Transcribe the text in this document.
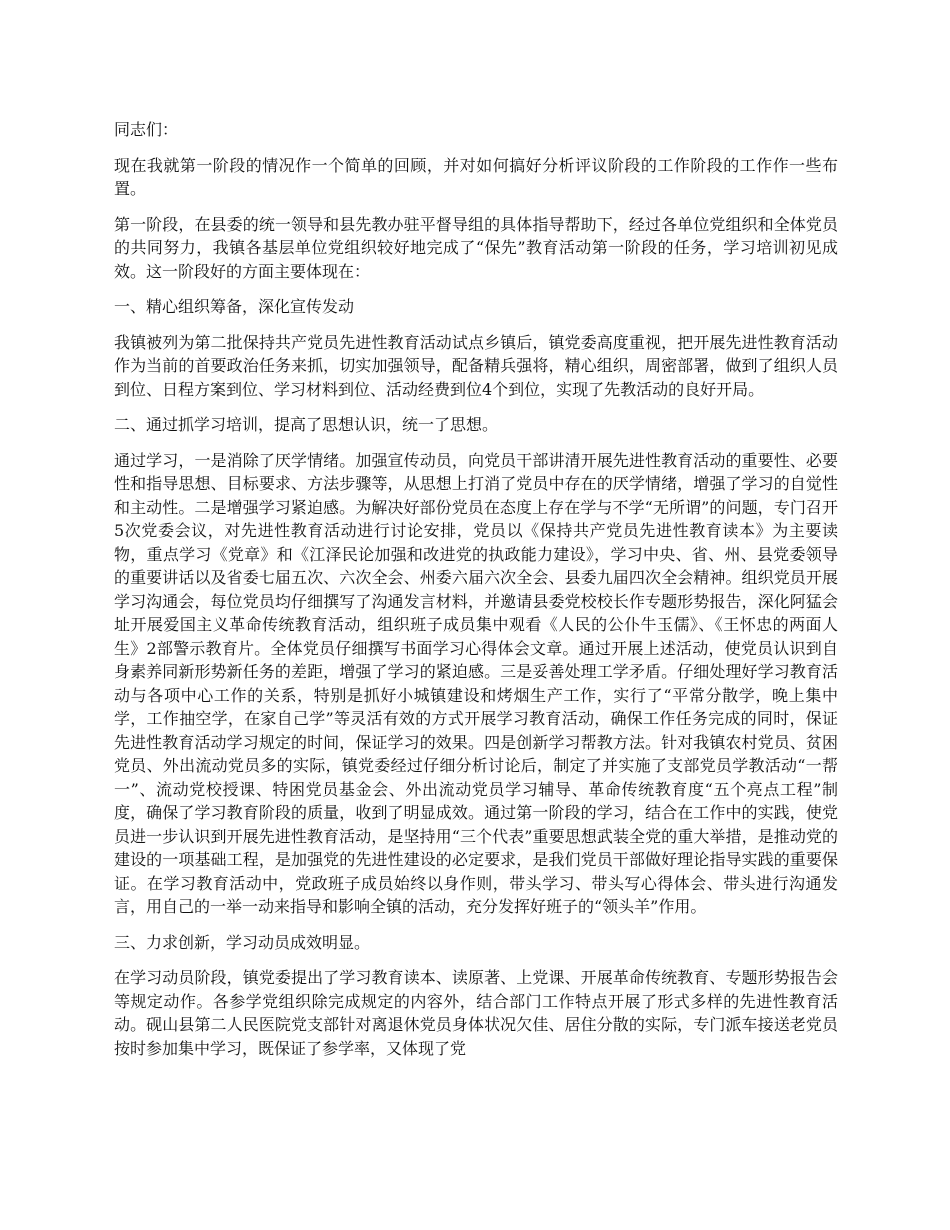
同志们：

现在我就第一阶段的情况作一个简单的回顾，并对如何搞好分析评议阶段的工作阶段的工作作一些布置。

第一阶段，在县委的统一领导和县先教办驻平督导组的具体指导帮助下，经过各单位党组织和全体党员的共同努力，我镇各基层单位党组织较好地完成了“保先”教育活动第一阶段的任务，学习培训初见成效。这一阶段好的方面主要体现在：

一、精心组织筹备，深化宣传发动

我镇被列为第二批保持共产党员先进性教育活动试点乡镇后，镇党委高度重视，把开展先进性教育活动作为当前的首要政治任务来抓，切实加强领导，配备精兵强将，精心组织，周密部署，做到了组织人员到位、日程方案到位、学习材料到位、活动经费到位4个到位，实现了先教活动的良好开局。

二、通过抓学习培训，提高了思想认识，统一了思想。

通过学习，一是消除了厌学情绪。加强宣传动员，向党员干部讲清开展先进性教育活动的重要性、必要性和指导思想、目标要求、方法步骤等，从思想上打消了党员中存在的厌学情绪，增强了学习的自觉性和主动性。二是增强学习紧迫感。为解决好部份党员在态度上存在学与不学“无所谓”的问题，专门召开5次党委会议，对先进性教育活动进行讨论安排，党员以《保持共产党员先进性教育读本》为主要读物，重点学习《党章》和《江泽民论加强和改进党的执政能力建设》，学习中央、省、州、县党委领导的重要讲话以及省委七届五次、六次全会、州委六届六次全会、县委九届四次全会精神。组织党员开展学习沟通会，每位党员均仔细撰写了沟通发言材料，并邀请县委党校校长作专题形势报告，深化阿猛会址开展爱国主义革命传统教育活动，组织班子成员集中观看《人民的公仆牛玉儒》、《王怀忠的两面人生》2部警示教育片。全体党员仔细撰写书面学习心得体会文章。通过开展上述活动，使党员认识到自身素养同新形势新任务的差距，增强了学习的紧迫感。三是妥善处理工学矛盾。仔细处理好学习教育活动与各项中心工作的关系，特别是抓好小城镇建设和烤烟生产工作，实行了“平常分散学，晚上集中学，工作抽空学，在家自己学”等灵活有效的方式开展学习教育活动，确保工作任务完成的同时，保证先进性教育活动学习规定的时间，保证学习的效果。四是创新学习帮教方法。针对我镇农村党员、贫困党员、外出流动党员多的实际，镇党委经过仔细分析讨论后，制定了并实施了支部党员学教活动“一帮一”、流动党校授课、特困党员基金会、外出流动党员学习辅导、革命传统教育度“五个亮点工程”制度，确保了学习教育阶段的质量，收到了明显成效。通过第一阶段的学习，结合在工作中的实践，使党员进一步认识到开展先进性教育活动，是坚持用“三个代表”重要思想武装全党的重大举措，是推动党的建设的一项基础工程，是加强党的先进性建设的必定要求，是我们党员干部做好理论指导实践的重要保证。在学习教育活动中，党政班子成员始终以身作则，带头学习、带头写心得体会、带头进行沟通发言，用自己的一举一动来指导和影响全镇的活动，充分发挥好班子的“领头羊”作用。

三、力求创新，学习动员成效明显。

在学习动员阶段，镇党委提出了学习教育读本、读原著、上党课、开展革命传统教育、专题形势报告会等规定动作。各参学党组织除完成规定的内容外，结合部门工作特点开展了形式多样的先进性教育活动。砚山县第二人民医院党支部针对离退休党员身体状况欠佳、居住分散的实际，专门派车接送老党员按时参加集中学习，既保证了参学率，又体现了党
